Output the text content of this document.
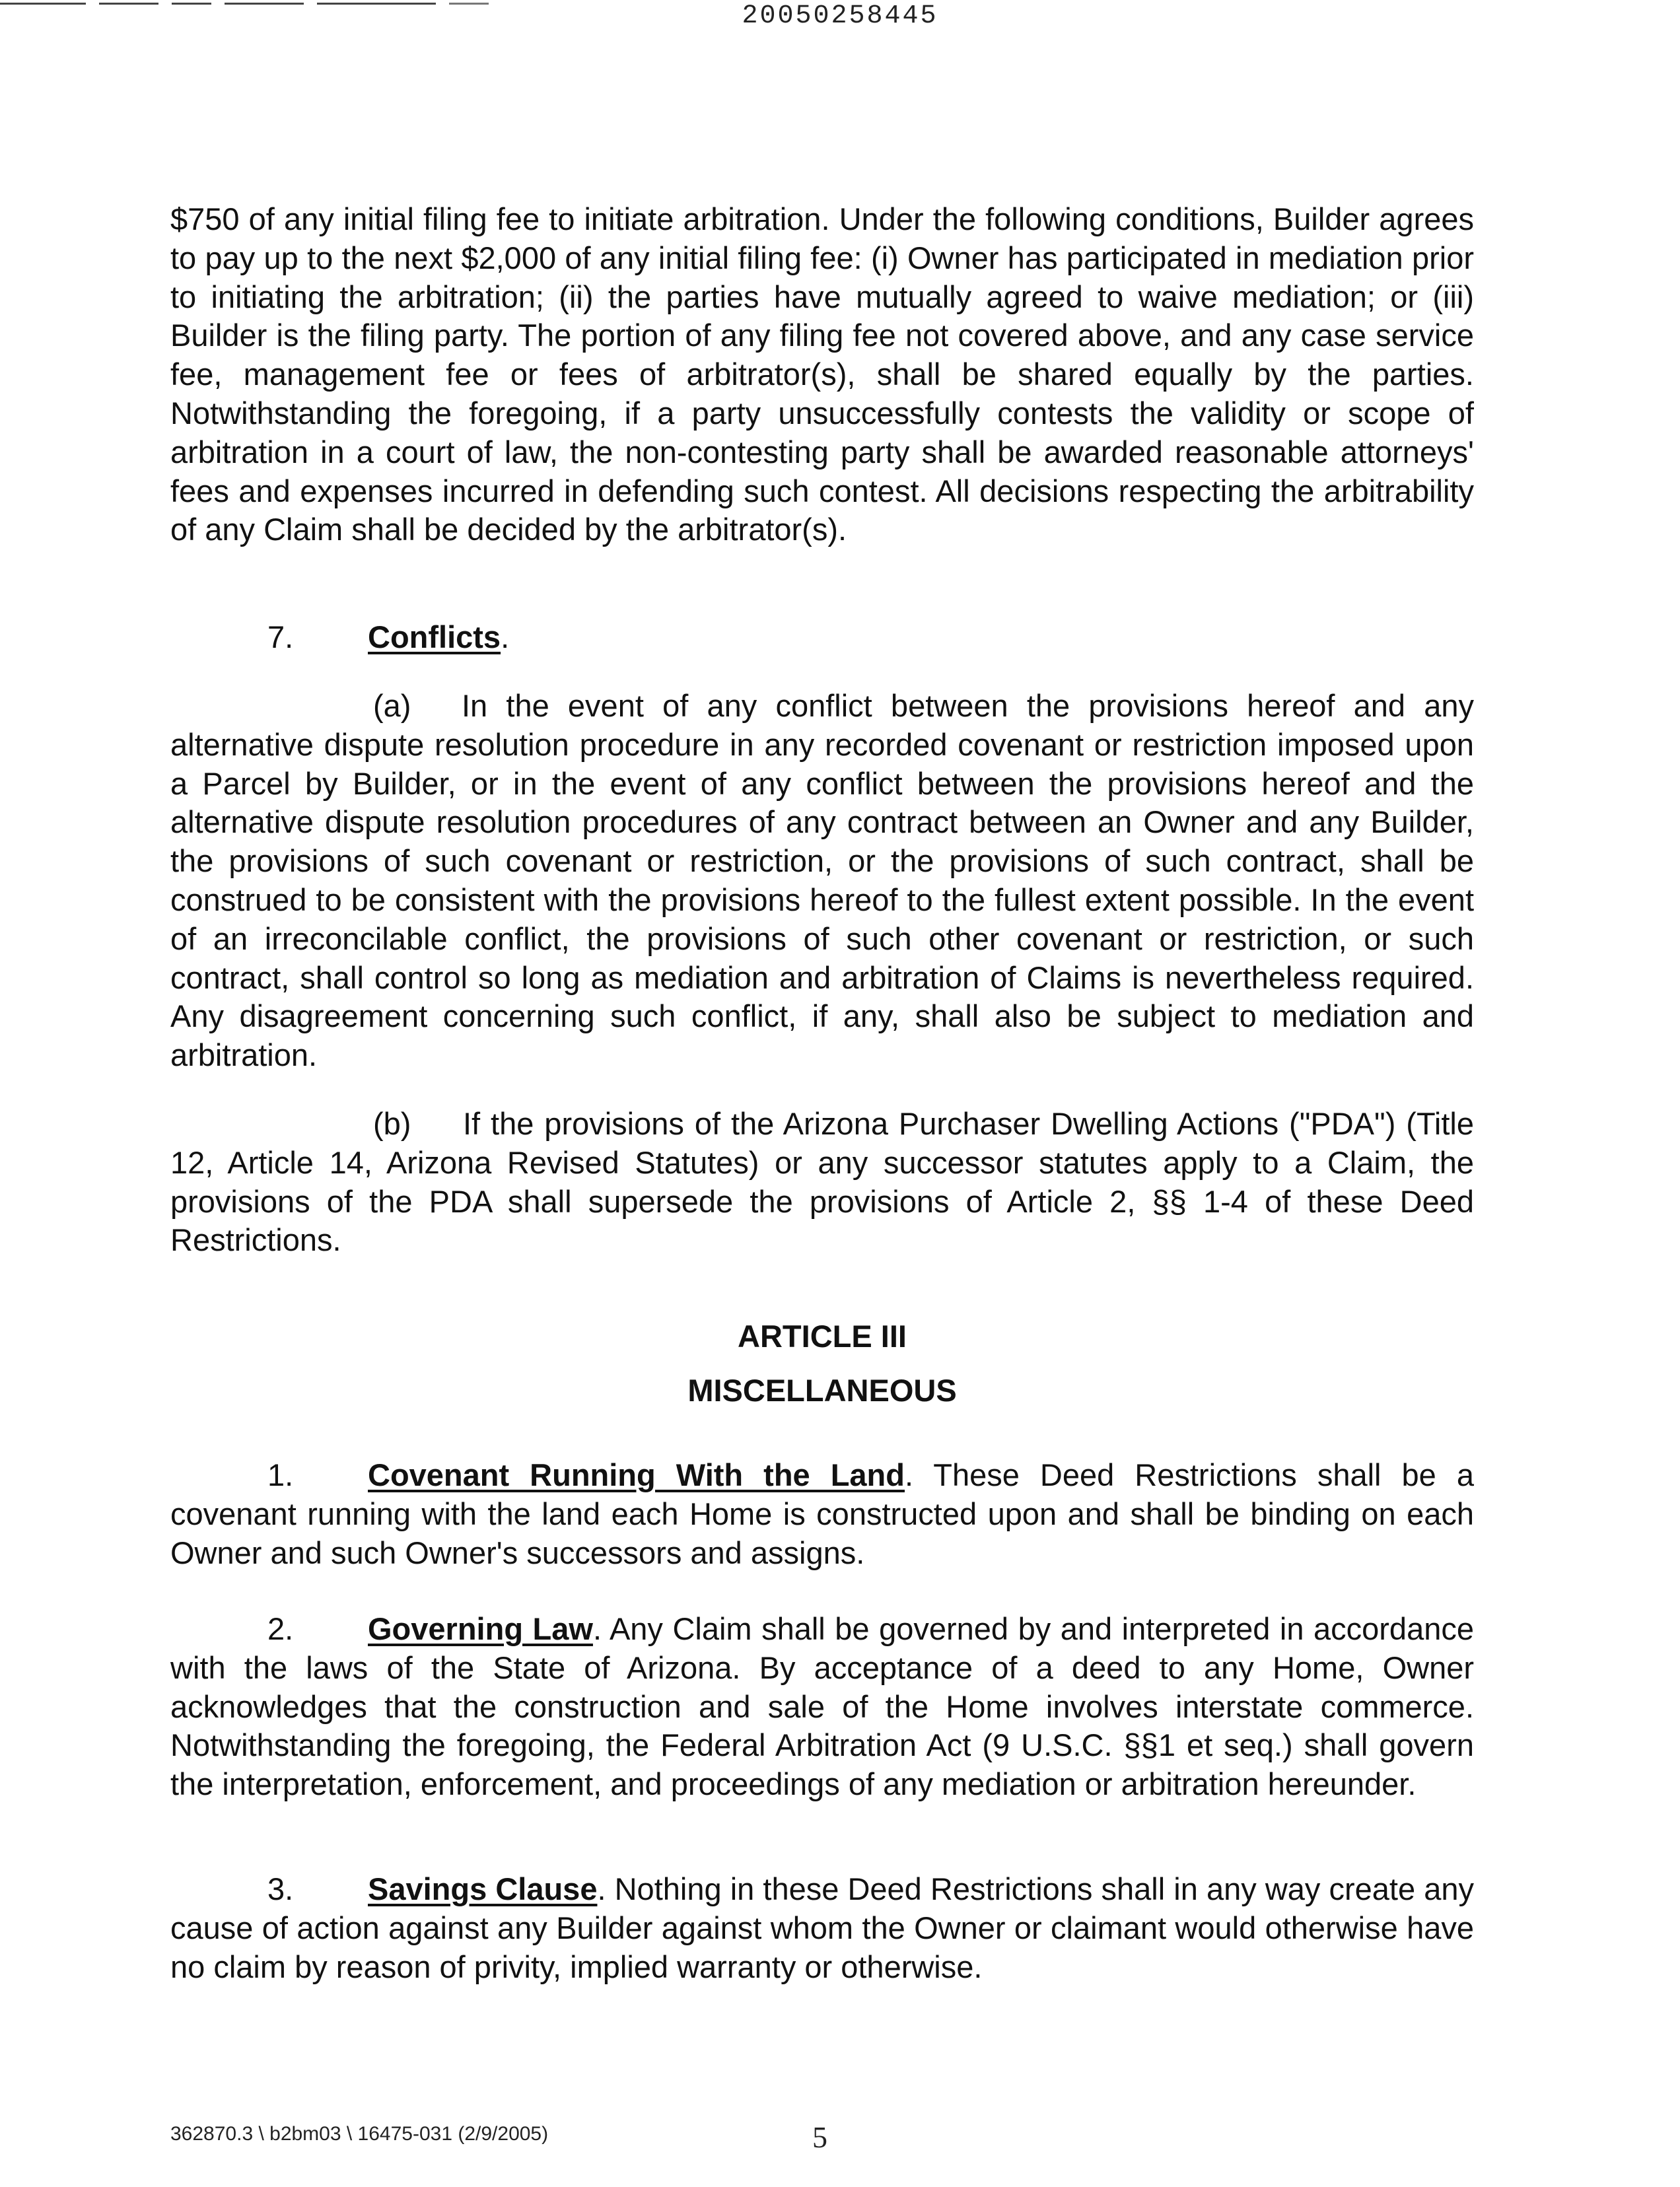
20050258445

$750 of any initial filing fee to initiate arbitration. Under the following conditions, Builder agrees to pay up to the next $2,000 of any initial filing fee: (i) Owner has participated in mediation prior to initiating the arbitration; (ii) the parties have mutually agreed to waive mediation; or (iii) Builder is the filing party. The portion of any filing fee not covered above, and any case service fee, management fee or fees of arbitrator(s), shall be shared equally by the parties. Notwithstanding the foregoing, if a party unsuccessfully contests the validity or scope of arbitration in a court of law, the non-contesting party shall be awarded reasonable attorneys' fees and expenses incurred in defending such contest. All decisions respecting the arbitrability of any Claim shall be decided by the arbitrator(s).

7. Conflicts.

(a) In the event of any conflict between the provisions hereof and any alternative dispute resolution procedure in any recorded covenant or restriction imposed upon a Parcel by Builder, or in the event of any conflict between the provisions hereof and the alternative dispute resolution procedures of any contract between an Owner and any Builder, the provisions of such covenant or restriction, or the provisions of such contract, shall be construed to be consistent with the provisions hereof to the fullest extent possible. In the event of an irreconcilable conflict, the provisions of such other covenant or restriction, or such contract, shall control so long as mediation and arbitration of Claims is nevertheless required. Any disagreement concerning such conflict, if any, shall also be subject to mediation and arbitration.

(b) If the provisions of the Arizona Purchaser Dwelling Actions ("PDA") (Title 12, Article 14, Arizona Revised Statutes) or any successor statutes apply to a Claim, the provisions of the PDA shall supersede the provisions of Article 2, §§ 1-4 of these Deed Restrictions.

ARTICLE III
MISCELLANEOUS

1. Covenant Running With the Land. These Deed Restrictions shall be a covenant running with the land each Home is constructed upon and shall be binding on each Owner and such Owner's successors and assigns.

2. Governing Law. Any Claim shall be governed by and interpreted in accordance with the laws of the State of Arizona. By acceptance of a deed to any Home, Owner acknowledges that the construction and sale of the Home involves interstate commerce. Notwithstanding the foregoing, the Federal Arbitration Act (9 U.S.C. §§1 et seq.) shall govern the interpretation, enforcement, and proceedings of any mediation or arbitration hereunder.

3. Savings Clause. Nothing in these Deed Restrictions shall in any way create any cause of action against any Builder against whom the Owner or claimant would otherwise have no claim by reason of privity, implied warranty or otherwise.

362870.3 \ b2bm03 \ 16475-031 (2/9/2005)	5
